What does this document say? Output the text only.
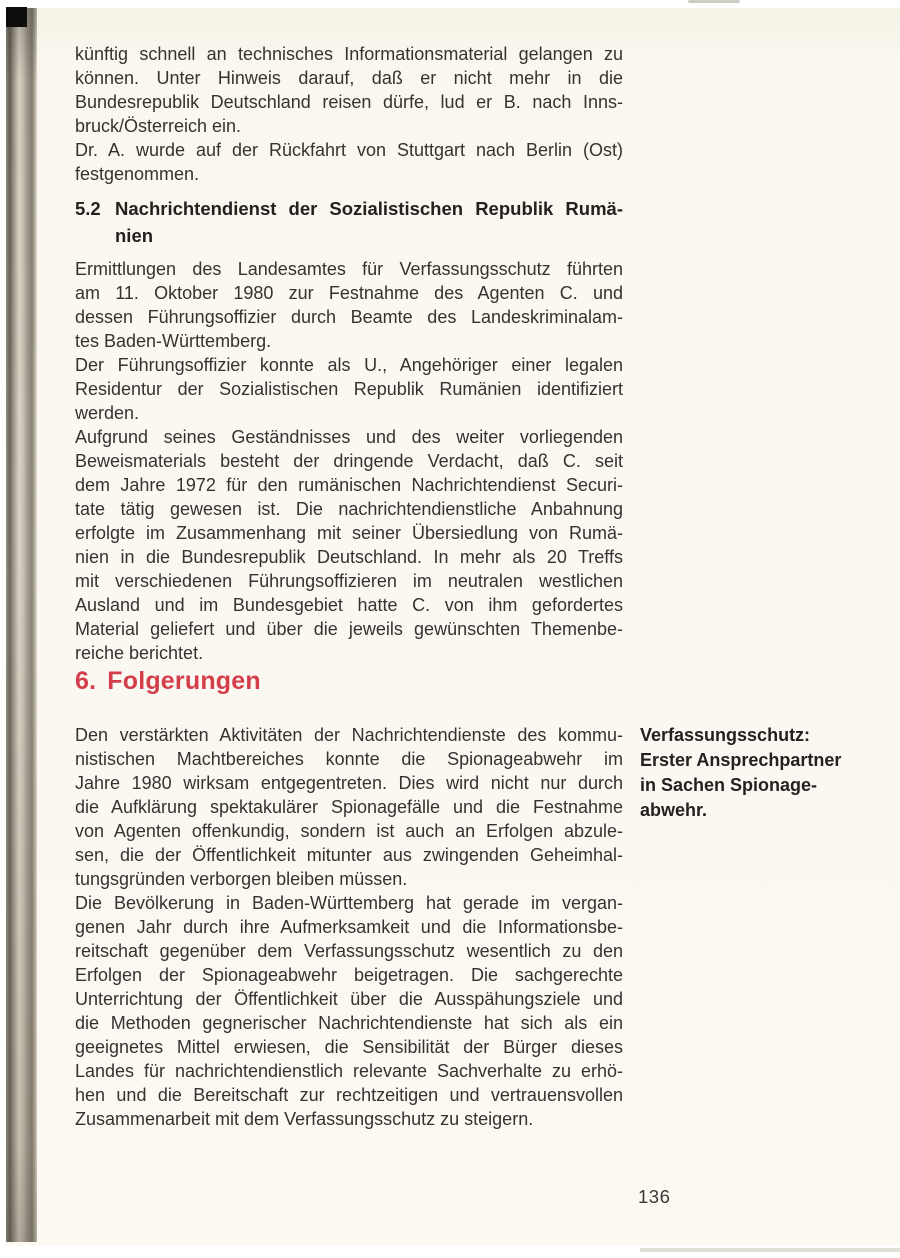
künftig schnell an technisches Informationsmaterial gelangen zu
können. Unter Hinweis darauf, daß er nicht mehr in die
Bundesrepublik Deutschland reisen dürfe, lud er B. nach Inns-
bruck/Österreich ein.
Dr. A. wurde auf der Rückfahrt von Stuttgart nach Berlin (Ost)
festgenommen.
5.2 Nachrichtendienst der Sozialistischen Republik Rumä-
nien
Ermittlungen des Landesamtes für Verfassungsschutz führten
am 11. Oktober 1980 zur Festnahme des Agenten C. und
dessen Führungsoffizier durch Beamte des Landeskriminalam-
tes Baden-Württemberg.
Der Führungsoffizier konnte als U., Angehöriger einer legalen
Residentur der Sozialistischen Republik Rumänien identifiziert
werden.
Aufgrund seines Geständnisses und des weiter vorliegenden
Beweismaterials besteht der dringende Verdacht, daß C. seit
dem Jahre 1972 für den rumänischen Nachrichtendienst Securi-
tate tätig gewesen ist. Die nachrichtendienstliche Anbahnung
erfolgte im Zusammenhang mit seiner Übersiedlung von Rumä-
nien in die Bundesrepublik Deutschland. In mehr als 20 Treffs
mit verschiedenen Führungsoffizieren im neutralen westlichen
Ausland und im Bundesgebiet hatte C. von ihm gefordertes
Material geliefert und über die jeweils gewünschten Themenbe-
reiche berichtet.
6. Folgerungen
Den verstärkten Aktivitäten der Nachrichtendienste des kommu-
nistischen Machtbereiches konnte die Spionageabwehr im
Jahre 1980 wirksam entgegentreten. Dies wird nicht nur durch
die Aufklärung spektakulärer Spionagefälle und die Festnahme
von Agenten offenkundig, sondern ist auch an Erfolgen abzule-
sen, die der Öffentlichkeit mitunter aus zwingenden Geheimhal-
tungsgründen verborgen bleiben müssen.
Die Bevölkerung in Baden-Württemberg hat gerade im vergan-
genen Jahr durch ihre Aufmerksamkeit und die Informationsbe-
reitschaft gegenüber dem Verfassungsschutz wesentlich zu den
Erfolgen der Spionageabwehr beigetragen. Die sachgerechte
Unterrichtung der Öffentlichkeit über die Ausspähungsziele und
die Methoden gegnerischer Nachrichtendienste hat sich als ein
geeignetes Mittel erwiesen, die Sensibilität der Bürger dieses
Landes für nachrichtendienstlich relevante Sachverhalte zu erhö-
hen und die Bereitschaft zur rechtzeitigen und vertrauensvollen
Zusammenarbeit mit dem Verfassungsschutz zu steigern.
Verfassungsschutz:
Erster Ansprechpartner
in Sachen Spionage-
abwehr.
136
